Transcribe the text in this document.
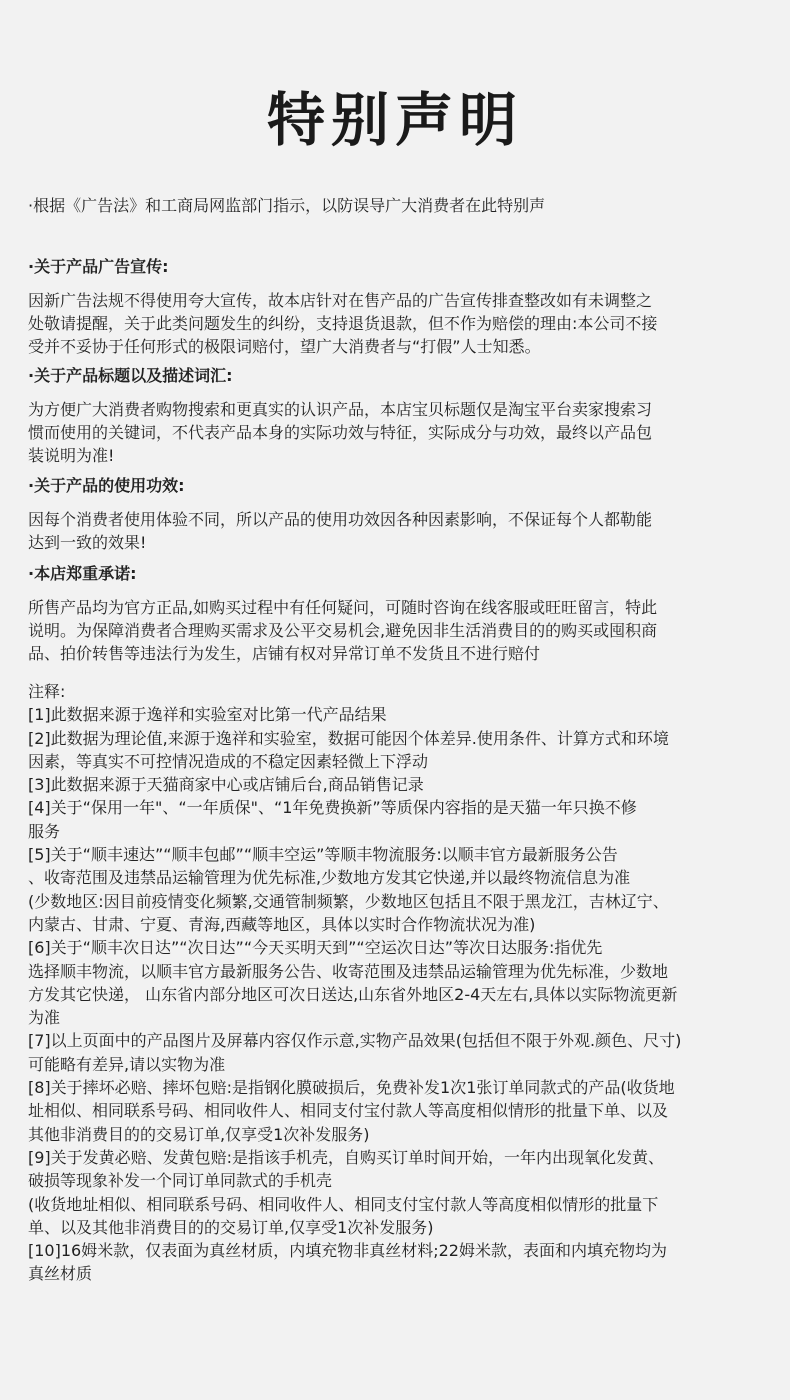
特别声明
·根据《广告法》和工商局网监部门指示，以防误导广大消费者在此特别声
·关于产品广告宣传:
因新广告法规不得使用夸大宣传，故本店针对在售产品的广告宣传排查整改如有未调整之
处敬请提醒，关于此类问题发生的纠纷，支持退货退款，但不作为赔偿的理由:本公司不接
受并不妥协于任何形式的极限词赔付，望广大消费者与“打假”人士知悉。
·关于产品标题以及描述词汇:
为方便广大消费者购物搜索和更真实的认识产品，本店宝贝标题仅是淘宝平台卖家搜索习
惯而使用的关键词，不代表产品本身的实际功效与特征，实际成分与功效，最终以产品包
装说明为准!
·关于产品的使用功效:
因每个消费者使用体验不同，所以产品的使用功效因各种因素影响，不保证每个人都勒能
达到一致的效果!
·本店郑重承诺:
所售产品均为官方正品,如购买过程中有任何疑问，可随时咨询在线客服或旺旺留言，特此
说明。为保障消费者合理购买需求及公平交易机会,避免因非生活消费目的的购买或囤积商
品、拍价转售等违法行为发生，店铺有权对异常订单不发货且不进行赔付
注释:
[1]此数据来源于逸祥和实验室对比第一代产品结果
[2]此数据为理论值,来源于逸祥和实验室，数据可能因个体差异.使用条件、计算方式和环境
因素，等真实不可控情况造成的不稳定因素轻微上下浮动
[3]此数据来源于天猫商家中心或店铺后台,商品销售记录
[4]关于“保用一年"、“一年质保"、“1年免费换新”等质保内容指的是天猫一年只换不修
服务
[5]关于“顺丰速达”“顺丰包邮”“顺丰空运”等顺丰物流服务:以顺丰官方最新服务公告
、收寄范围及违禁品运输管理为优先标准,少数地方发其它快递,并以最终物流信息为准
(少数地区:因目前疫情变化频繁,交通管制频繁，少数地区包括且不限于黑龙江，吉林辽宁、
内蒙古、甘肃、宁夏、青海,西藏等地区，具体以实时合作物流状况为准)
[6]关于“顺丰次日达”“次日达”“今天买明天到”“空运次日达”等次日达服务:指优先
选择顺丰物流，以顺丰官方最新服务公告、收寄范围及违禁品运输管理为优先标准，少数地
方发其它快递， 山东省内部分地区可次日送达,山东省外地区2-4天左右,具体以实际物流更新
为准
[7]以上页面中的产品图片及屏幕内容仅作示意,实物产品效果(包括但不限于外观.颜色、尺寸)
可能略有差异,请以实物为准
[8]关于摔坏必赔、摔坏包赔:是指钢化膜破损后，免费补发1次1张订单同款式的产品(收货地
址相似、相同联系号码、相同收件人、相同支付宝付款人等高度相似情形的批量下单、以及
其他非消费目的的交易订单,仅享受1次补发服务)
[9]关于发黄必赔、发黄包赔:是指该手机壳，自购买订单时间开始，一年内出现氧化发黄、
破损等现象补发一个同订单同款式的手机壳
(收货地址相似、相同联系号码、相同收件人、相同支付宝付款人等高度相似情形的批量下
单、以及其他非消费目的的交易订单,仅享受1次补发服务)
[10]16姆米款，仅表面为真丝材质，内填充物非真丝材料;22姆米款，表面和内填充物均为
真丝材质
